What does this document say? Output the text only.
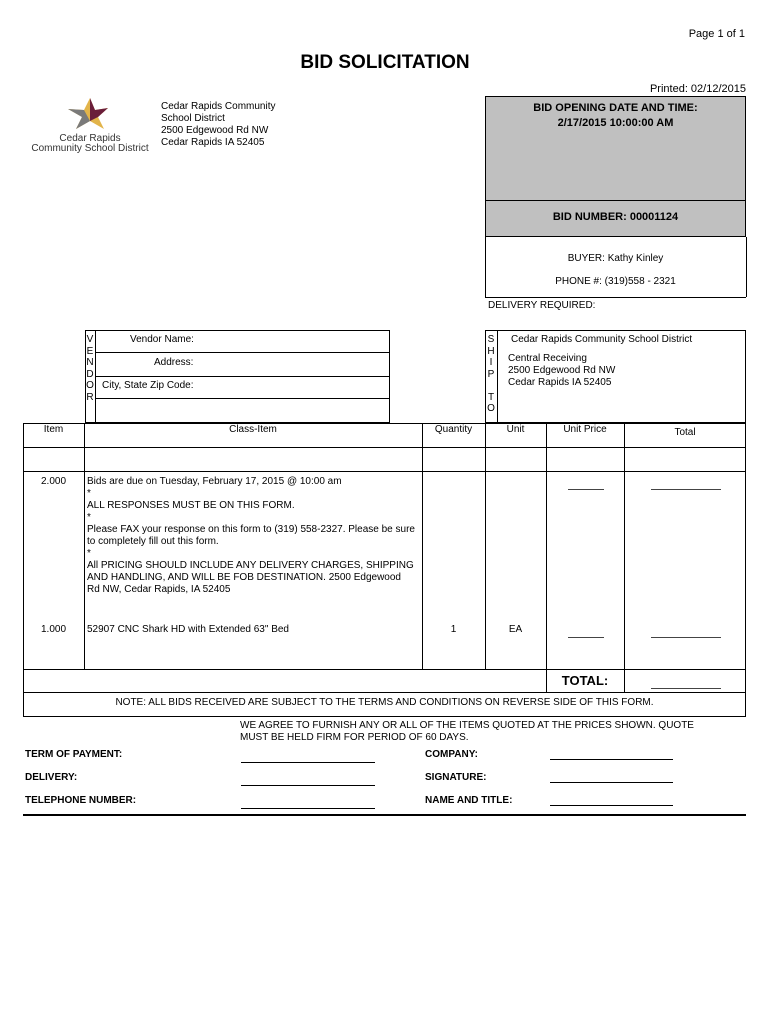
Page 1 of 1
BID SOLICITATION
Printed: 02/12/2015
Cedar Rapids
Community School District
Cedar Rapids Community
School District
2500 Edgewood Rd NW
Cedar Rapids IA 52405
BID OPENING DATE AND TIME:
2/17/2015 10:00:00 AM
BID NUMBER: 00001124
BUYER: Kathy Kinley
PHONE #: (319)558 - 2321
DELIVERY REQUIRED:
V
E
N
D
O
R
Vendor Name:
Address:
City, State Zip Code:
S
H
I
P
T
O
Cedar Rapids Community School District
Central Receiving
2500 Edgewood Rd NW
Cedar Rapids IA 52405
Item	Class-Item	Quantity	Unit	Unit Price	Total
2.000	Bids are due on Tuesday, February 17, 2015 @ 10:00 am
*
ALL RESPONSES MUST BE ON THIS FORM.
*
Please FAX your response on this form to (319) 558-2327. Please be sure
to completely fill out this form.
*
All PRICING SHOULD INCLUDE ANY DELIVERY CHARGES, SHIPPING
AND HANDLING, AND WILL BE FOB DESTINATION. 2500 Edgewood
Rd NW, Cedar Rapids, IA 52405
1.000	52907 CNC Shark HD with Extended 63" Bed	1	EA
TOTAL:
NOTE: ALL BIDS RECEIVED ARE SUBJECT TO THE TERMS AND CONDITIONS ON REVERSE SIDE OF THIS FORM.
WE AGREE TO FURNISH ANY OR ALL OF THE ITEMS QUOTED AT THE PRICES SHOWN. QUOTE
MUST BE HELD FIRM FOR PERIOD OF 60 DAYS.
TERM OF PAYMENT:	COMPANY:
DELIVERY:	SIGNATURE:
TELEPHONE NUMBER:	NAME AND TITLE:
